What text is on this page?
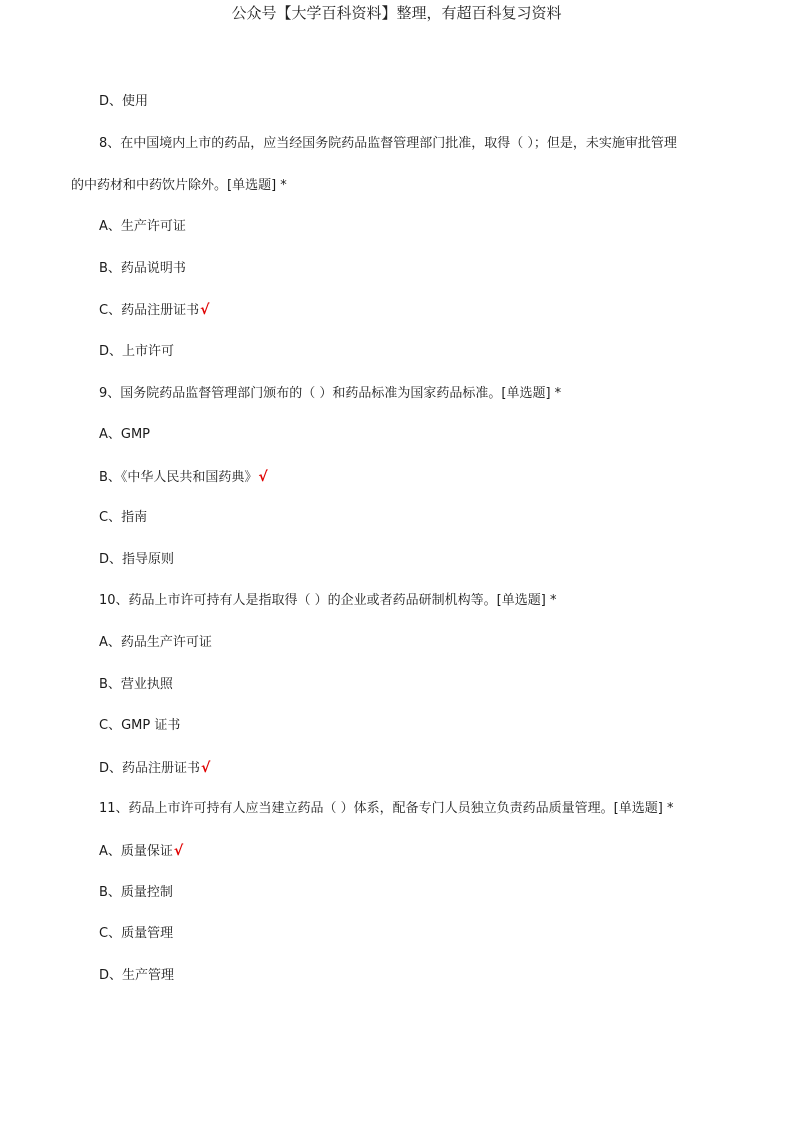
公众号【大学百科资料】整理，有超百科复习资料
D、使用
8、在中国境内上市的药品，应当经国务院药品监督管理部门批准，取得（ ）；但是，未实施审批管理
的中药材和中药饮片除外。[单选题] *
A、生产许可证
B、药品说明书
C、药品注册证书√
D、上市许可
9、国务院药品监督管理部门颁布的（ ）和药品标准为国家药品标准。[单选题] *
A、GMP
B、《中华人民共和国药典》√
C、指南
D、指导原则
10、药品上市许可持有人是指取得（ ）的企业或者药品研制机构等。[单选题] *
A、药品生产许可证
B、营业执照
C、GMP 证书
D、药品注册证书√
11、药品上市许可持有人应当建立药品（ ）体系，配备专门人员独立负责药品质量管理。[单选题] *
A、质量保证√
B、质量控制
C、质量管理
D、生产管理
